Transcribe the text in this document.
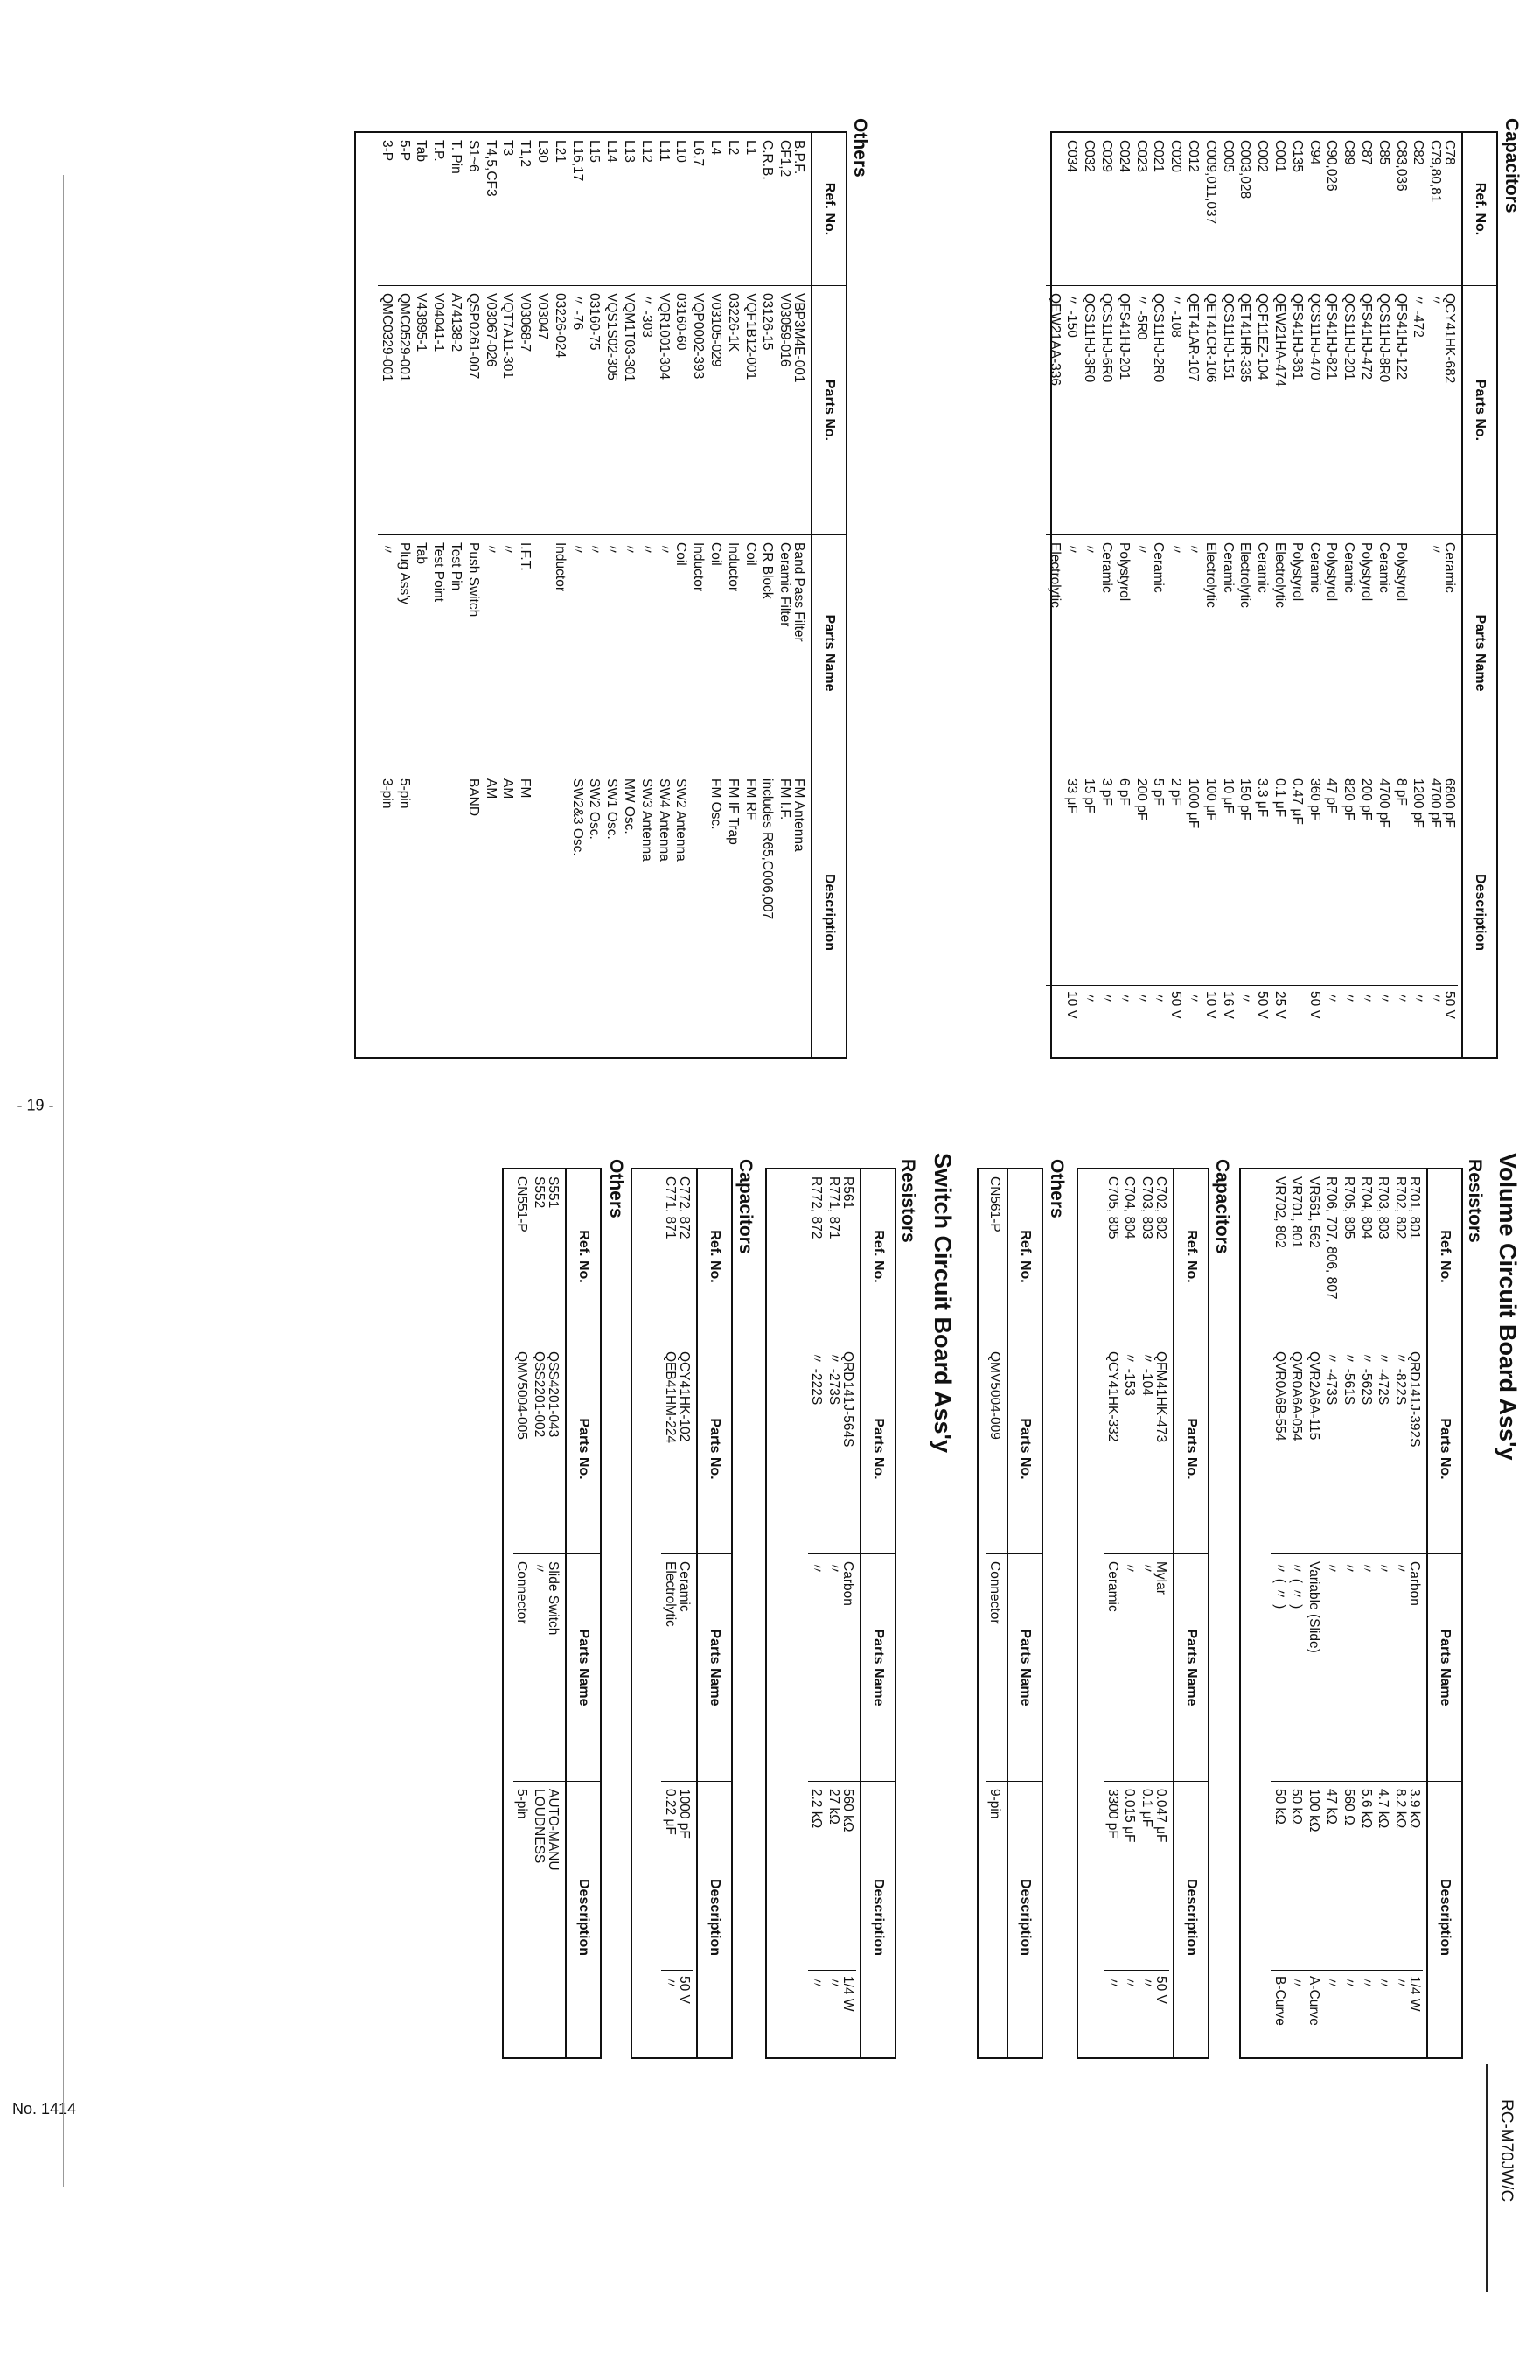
Capacitors
Ref. No.
Parts No.
Parts Name
Description
C78
QCY41HK-682
Ceramic
6800 pF
50 V
C79,80,81
〃
〃
4700 pF
〃
C82
〃 -472
1200 pF
〃
C83,036
QFS41HJ-122
Polystyrol
8 pF
〃
C85
QCS11HJ-8R0
Ceramic
4700 pF
〃
C87
QFS41HJ-472
Polystyrol
200 pF
〃
C89
QCS11HJ-201
Ceramic
820 pF
〃
C90,026
QFS41HJ-821
Polystyrol
47 pF
〃
C94
QCS11HJ-470
Ceramic
360 pF
50 V
C135
QFS41HJ-361
Polystyrol
0.47 μF
C001
QEW21HA-474
Electrolytic
0.1 μF
25 V
C002
QCF11EZ-104
Ceramic
3.3 μF
50 V
C003,028
QET41HR-335
Electrolytic
150 pF
〃
C005
QCS11HJ-151
Ceramic
10 μF
16 V
C009,011,037
QET41CR-106
Electrolytic
100 μF
10 V
C012
QET41AR-107
〃
1000 μF
〃
C020
〃 -108
〃
2 pF
50 V
C021
QCS11HJ-2R0
Ceramic
5 pF
〃
C023
〃 -5R0
〃
200 pF
〃
C024
QFS41HJ-201
Polystyrol
6 pF
〃
C029
QCS11HJ-6R0
Ceramic
3 pF
〃
C032
QCS11HJ-3R0
〃
15 pF
〃
C034
〃 -150
〃
33 μF
10 V
QEW21AA-336
Electrolytic
Others
Ref. No.
Parts No.
Parts Name
Description
B.P.F.
VBP3M4E-001
Band Pass Filter
FM Antenna
CF1,2
V03059-016
Ceramic Filter
FM I.F.
C.R.B.
03126-15
CR Block
includes R65,C006,007
L1
VQF1B12-001
Coil
FM RF
L2
03226-1K
Inductor
FM IF Trap
L4
V03105-029
Coil
FM Osc.
L6,7
VQP0002-393
Inductor
L10
03160-60
Coil
SW2 Antenna
L11
VQR1001-304
〃
SW4 Antenna
L12
〃 -303
〃
SW3 Antenna
L13
VQM1T03-301
〃
MW Osc.
L14
VQS1S02-305
〃
SW1 Osc.
L15
03160-75
〃
SW2 Osc.
L16,17
〃 -76
〃
SW2&3 Osc.
L21
03226-024
Inductor
L30
V03047
T1,2
V03068-7
I.F.T.
FM
T3
VQT7A11-301
〃
AM
T4,5,CF3
V03067-026
〃
AM
S1~6
QSP0261-007
Push Switch
BAND
T. Pin
A74138-2
Test Pin
T.P.
V04041-1
Test Point
Tab
V43895-1
Tab
5-P
QMC0529-001
Plug Ass'y
5-pin
3-P
QMC0329-001
〃
3-pin
Volume Circuit Board Ass'y
Resistors
Ref. No.
Parts No.
Parts Name
Description
R701, 801
QRD141J-392S
Carbon
3.9 kΩ
1/4 W
R702, 802
〃 -822S
〃
8.2 kΩ
〃
R703, 803
〃 -472S
〃
4.7 kΩ
〃
R704, 804
〃 -562S
〃
5.6 kΩ
〃
R705, 805
〃 -561S
〃
560 Ω
〃
R706, 707, 806, 807
〃 -473S
〃
47 kΩ
〃
VR561, 562
QVR2A6A-115
Variable (Slide)
100 kΩ
A-Curve
VR701, 801
QVR0A6A-054
〃 ( 〃 )
50 kΩ
〃
VR702, 802
QVR0A6B-554
〃 ( 〃 )
50 kΩ
B-Curve
Capacitors
Ref. No.
Parts No.
Parts Name
Description
C702, 802
QFM41HK-473
Mylar
0.047 μF
50 V
C703, 803
〃 -104
〃
0.1 μF
〃
C704, 804
〃 -153
〃
0.015 μF
〃
C705, 805
QCY41HK-332
Ceramic
3300 pF
〃
Others
Ref. No.
Parts No.
Parts Name
Description
CN561-P
QMV5004-009
Connector
9-pin
Switch Circuit Board Ass'y
Resistors
Ref. No.
Parts No.
Parts Name
Description
R561
QRD141J-564S
Carbon
560 kΩ
1/4 W
R771, 871
〃 -273S
〃
27 kΩ
〃
R772, 872
〃 -222S
〃
2.2 kΩ
〃
Capacitors
Ref. No.
Parts No.
Parts Name
Description
C772, 872
QCY41HK-102
Ceramic
1000 pF
50 V
C771, 871
QEB41HM-224
Electrolytic
0.22 μF
〃
Others
Ref. No.
Parts No.
Parts Name
Description
S551
QSS4201-043
Slide Switch
AUTO-MANU
S552
QSS2201-002
〃
LOUDNESS
CN551-P
QMV5004-005
Connector
5-pin
- 19 -
No. 1414	RC-M70JW/C
